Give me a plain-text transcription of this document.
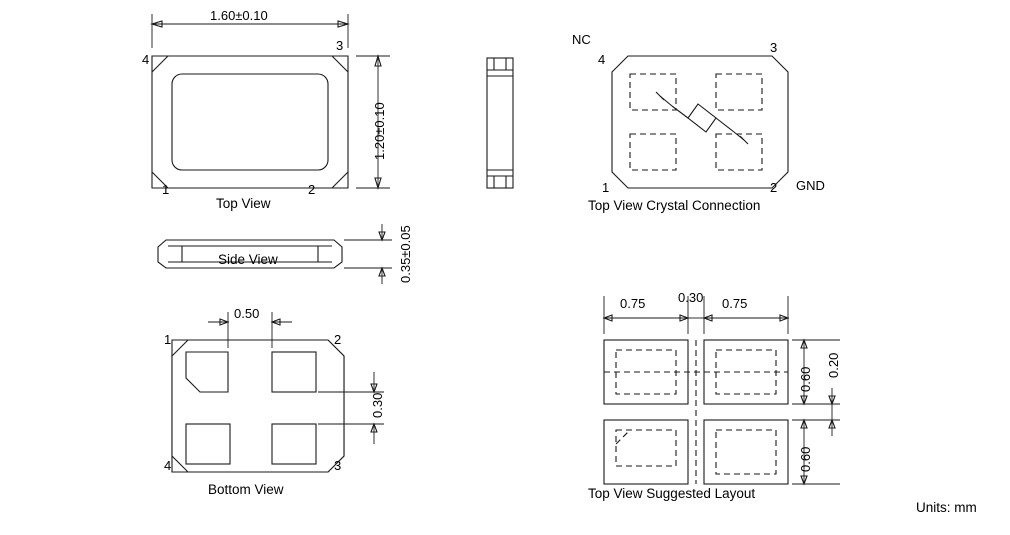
1.60±0.10
1.20±0.10
4
3
1	2
Top View
0.35±0.05
Side View
0.50
0.30
1	2
3
4
Bottom View
NC
4
3
1	2 GND
Top View Crystal Connection
0.75	0.30 0.75
0.60
0.60
0.20
Top View Suggested Layout
Units: mm
